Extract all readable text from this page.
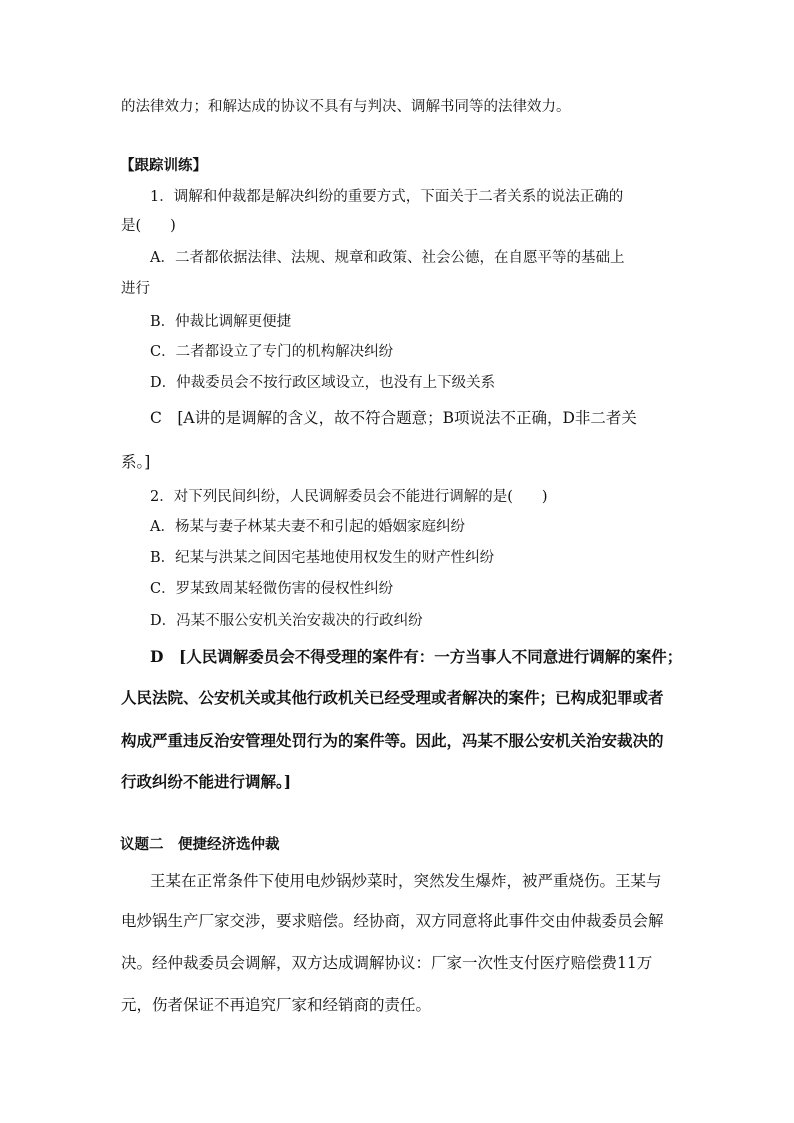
的法律效力；和解达成的协议不具有与判决、调解书同等的法律效力。
【跟踪训练】
1．调解和仲裁都是解决纠纷的重要方式，下面关于二者关系的说法正确的
是(　　)
A．二者都依据法律、法规、规章和政策、社会公德，在自愿平等的基础上
进行
B．仲裁比调解更便捷
C．二者都设立了专门的机构解决纠纷
D．仲裁委员会不按行政区域设立，也没有上下级关系
C　[A讲的是调解的含义，故不符合题意；B项说法不正确，D非二者关
系。]
2．对下列民间纠纷，人民调解委员会不能进行调解的是(　　)
A．杨某与妻子林某夫妻不和引起的婚姻家庭纠纷
B．纪某与洪某之间因宅基地使用权发生的财产性纠纷
C．罗某致周某轻微伤害的侵权性纠纷
D．冯某不服公安机关治安裁决的行政纠纷
D　[人民调解委员会不得受理的案件有：一方当事人不同意进行调解的案件；
人民法院、公安机关或其他行政机关已经受理或者解决的案件；已构成犯罪或者
构成严重违反治安管理处罚行为的案件等。因此，冯某不服公安机关治安裁决的
行政纠纷不能进行调解。]
议题二　便捷经济选仲裁
王某在正常条件下使用电炒锅炒菜时，突然发生爆炸，被严重烧伤。王某与
电炒锅生产厂家交涉，要求赔偿。经协商，双方同意将此事件交由仲裁委员会解
决。经仲裁委员会调解，双方达成调解协议：厂家一次性支付医疗赔偿费11万
元，伤者保证不再追究厂家和经销商的责任。
